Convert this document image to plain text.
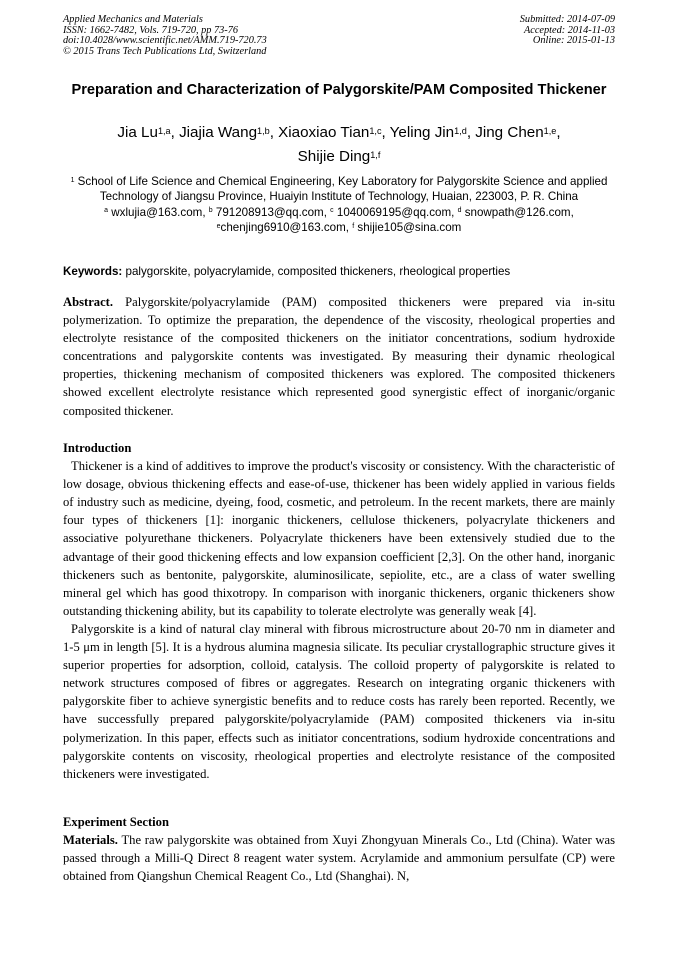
Applied Mechanics and Materials
ISSN: 1662-7482, Vols. 719-720, pp 73-76
doi:10.4028/www.scientific.net/AMM.719-720.73
© 2015 Trans Tech Publications Ltd, Switzerland
Submitted: 2014-07-09
Accepted: 2014-11-03
Online: 2015-01-13
Preparation and Characterization of Palygorskite/PAM Composited Thickener
Jia Lu$^{1,a}$, Jiajia Wang$^{1,b}$, Xiaoxiao Tian$^{1,c}$, Yeling Jin$^{1,d}$, Jing Chen$^{1,e}$,
Shijie Ding$^{1,f}$
$^1$ School of Life Science and Chemical Engineering, Key Laboratory for Palygorskite Science and applied Technology of Jiangsu Province, Huaiyin Institute of Technology, Huaian, 223003, P. R. China
$^a$ wxlujia@163.com, $^b$ 791208913@qq.com, $^c$ 1040069195@qq.com, $^d$ snowpath@126.com,
$^e$chenjing6910@163.com, $^f$ shijie105@sina.com
Keywords: palygorskite, polyacrylamide, composited thickeners, rheological properties

Abstract. Palygorskite/polyacrylamide (PAM) composited thickeners were prepared via in-situ polymerization. To optimize the preparation, the dependence of the viscosity, rheological properties and electrolyte resistance of the composited thickeners on the initiator concentrations, sodium hydroxide concentrations and palygorskite contents was investigated. By measuring their dynamic rheological properties, thickening mechanism of composited thickeners was explored. The composited thickeners showed excellent electrolyte resistance which represented good synergistic effect of inorganic/organic composited thickener.

Introduction

Thickener is a kind of additives to improve the product's viscosity or consistency. With the characteristic of low dosage, obvious thickening effects and ease-of-use, thickener has been widely applied in various fields of industry such as medicine, dyeing, food, cosmetic, and petroleum. In the recent markets, there are mainly four types of thickeners [1]: inorganic thickeners, cellulose thickeners, polyacrylate thickeners and associative polyurethane thickeners. Polyacrylate thickeners have been extensively studied due to the advantage of their good thickening effects and low expansion coefficient [2,3]. On the other hand, inorganic thickeners such as bentonite, palygorskite, aluminosilicate, sepiolite, etc., are a class of water swelling mineral gel which has good thixotropy. In comparison with inorganic thickeners, organic thickeners show outstanding thickening ability, but its capability to tolerate electrolyte was generally weak [4].

Palygorskite is a kind of natural clay mineral with fibrous microstructure about 20-70 nm in diameter and 1-5 μm in length [5]. It is a hydrous alumina magnesia silicate. Its peculiar crystallographic structure gives it superior properties for adsorption, colloid, catalysis. The colloid property of palygorskite is related to network structures composed of fibres or aggregates. Research on integrating organic thickeners with palygorskite fiber to achieve synergistic benefits and to reduce costs has rarely been reported. Recently, we have successfully prepared palygorskite/polyacrylamide (PAM) composited thickeners via in-situ polymerization. In this paper, effects such as initiator concentrations, sodium hydroxide concentrations and palygorskite contents on viscosity, rheological properties and electrolyte resistance of the composited thickeners were investigated.

Experiment Section

Materials. The raw palygorskite was obtained from Xuyi Zhongyuan Minerals Co., Ltd (China). Water was passed through a Milli-Q Direct 8 reagent water system. Acrylamide and ammonium persulfate (CP) were obtained from Qiangshun Chemical Reagent Co., Ltd (Shanghai). N,
